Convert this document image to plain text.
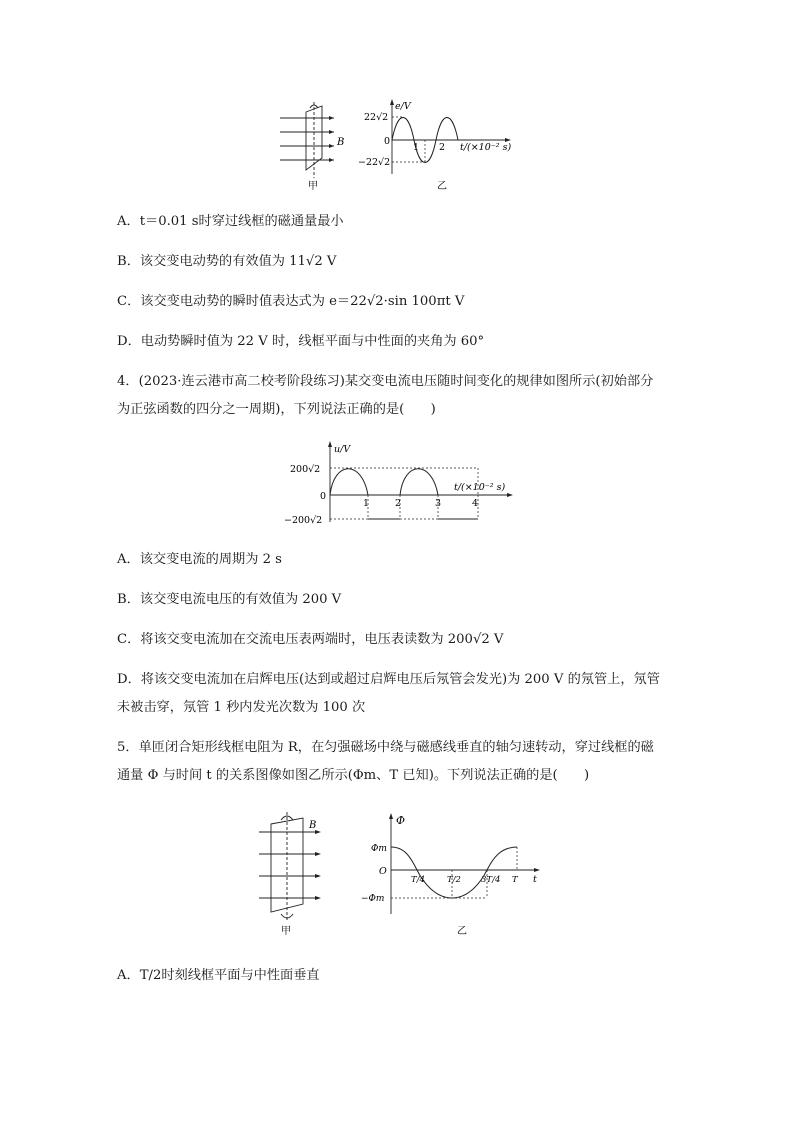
B
甲
e/V
22√2
0
−22√2
1 2 t/(×10⁻² s)
乙
A．t＝0.01 s时穿过线框的磁通量最小
B．该交变电动势的有效值为 11√2 V
C．该交变电动势的瞬时值表达式为 e＝22√2·sin 100πt V
D．电动势瞬时值为 22 V 时，线框平面与中性面的夹角为 60°
4．(2023·连云港市高二校考阶段练习)某交变电流电压随时间变化的规律如图所示(初始部分
为正弦函数的四分之一周期)，下列说法正确的是(　　)
u/V
200√2
0
−200√2
1	2	3	4
t/(×10⁻² s)
A．该交变电流的周期为 2 s
B．该交变电流电压的有效值为 200 V
C．将该交变电流加在交流电压表两端时，电压表读数为 200√2 V
D．将该交变电流加在启辉电压(达到或超过启辉电压后氖管会发光)为 200 V 的氖管上，氖管
未被击穿，氖管 1 秒内发光次数为 100 次
5．单匝闭合矩形线框电阻为 R，在匀强磁场中绕与磁感线垂直的轴匀速转动，穿过线框的磁
通量 Φ 与时间 t 的关系图像如图乙所示(Φm、T 已知)。下列说法正确的是(　　)
B
甲
Φ
Φm
O
−Φm
T/4	T/2 3T/4 T t
乙
A．T/2时刻线框平面与中性面垂直
